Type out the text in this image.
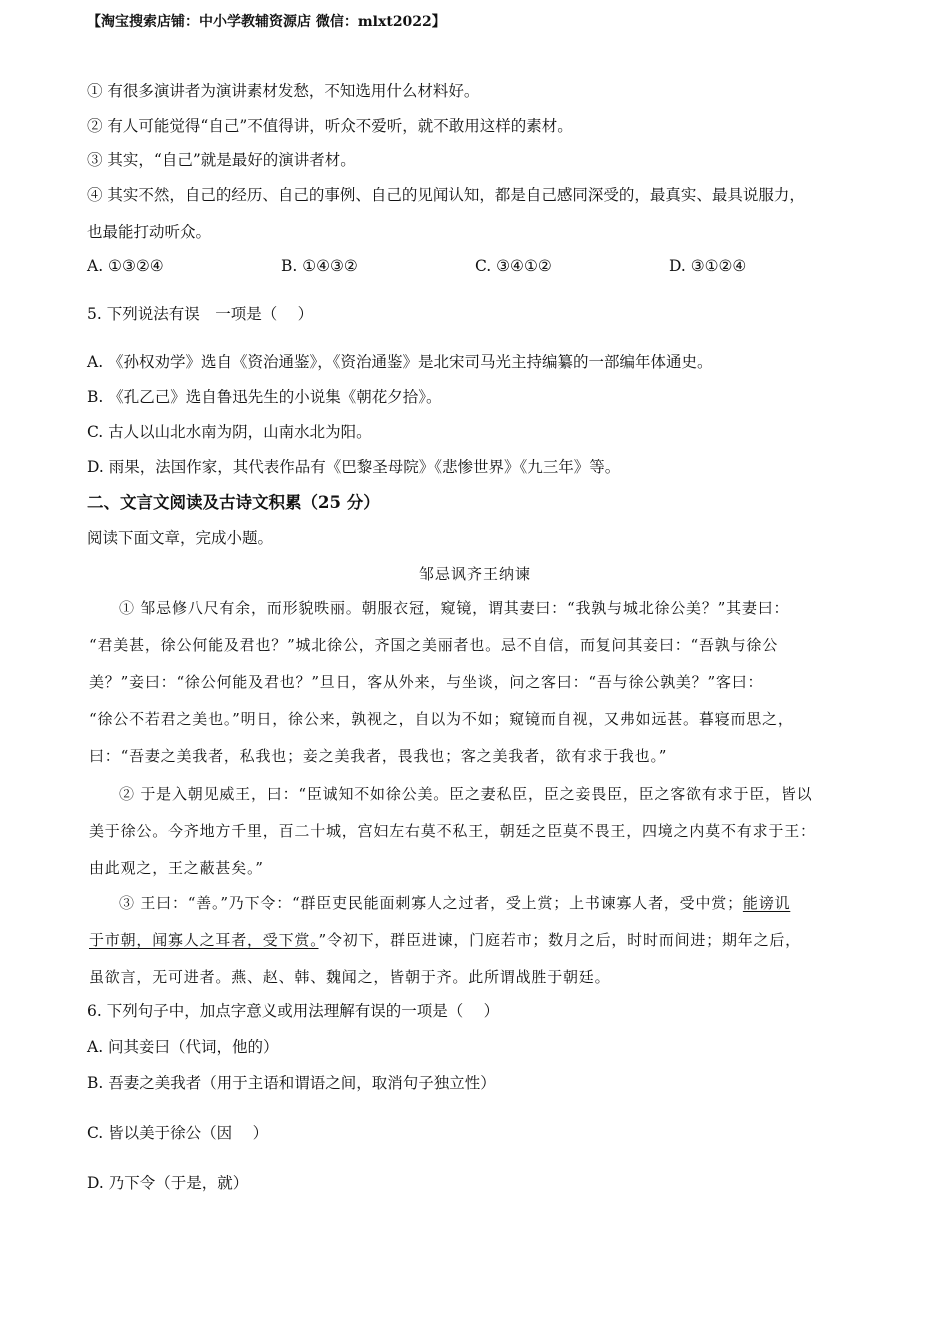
【淘宝搜索店铺：中小学教辅资源店 微信：mlxt2022】
① 有很多演讲者为演讲素材发愁，不知选用什么材料好。
② 有人可能觉得“自己”不值得讲，听众不爱听，就不敢用这样的素材。
③ 其实，“自己”就是最好的演讲者材。
④ 其实不然，自己的经历、自己的事例、自己的见闻认知，都是自己感同深受的，最真实、最具说服力，
也最能打动听众。
A. ①③②④	B. ①④③②	C. ③④①②	D. ③①②④
5. 下列说法有误　一项是（　 ）
A. 《孙权劝学》选自《资治通鉴》，《资治通鉴》是北宋司马光主持编纂的一部编年体通史。
B. 《孔乙己》选自鲁迅先生的小说集《朝花夕拾》。
C. 古人以山北水南为阴，山南水北为阳。
D. 雨果，法国作家，其代表作品有《巴黎圣母院》《悲惨世界》《九三年》等。
二、文言文阅读及古诗文积累（25 分）
阅读下面文章，完成小题。
邹忌讽齐王纳谏
① 邹忌修八尺有余，而形貌昳丽。朝服衣冠，窥镜，谓其妻曰：“我孰与城北徐公美？”其妻曰：
“君美甚，徐公何能及君也？”城北徐公，齐国之美丽者也。忌不自信，而复问其妾曰：“吾孰与徐公
美？”妾曰：“徐公何能及君也？”旦日，客从外来，与坐谈，问之客曰：“吾与徐公孰美？”客曰：
“徐公不若君之美也。”明日，徐公来，孰视之，自以为不如；窥镜而自视，又弗如远甚。暮寝而思之，
曰：“吾妻之美我者，私我也；妾之美我者，畏我也；客之美我者，欲有求于我也。”
② 于是入朝见威王，曰：“臣诚知不如徐公美。臣之妻私臣，臣之妾畏臣，臣之客欲有求于臣，皆以
美于徐公。今齐地方千里，百二十城，宫妇左右莫不私王，朝廷之臣莫不畏王，四境之内莫不有求于王：
由此观之，王之蔽甚矣。”
③ 王曰：“善。”乃下令：“群臣吏民能面刺寡人之过者，受上赏；上书谏寡人者，受中赏；能谤讥
于市朝，闻寡人之耳者，受下赏。”令初下，群臣进谏，门庭若市；数月之后，时时而间进；期年之后，
虽欲言，无可进者。燕、赵、韩、魏闻之，皆朝于齐。此所谓战胜于朝廷。
6. 下列句子中，加点字意义或用法理解有误的一项是（　 ）
A. 问其妾曰（代词，他的）
B. 吾妻之美我者（用于主语和谓语之间，取消句子独立性）
C. 皆以美于徐公（因　 ）
D. 乃下令（于是，就）
